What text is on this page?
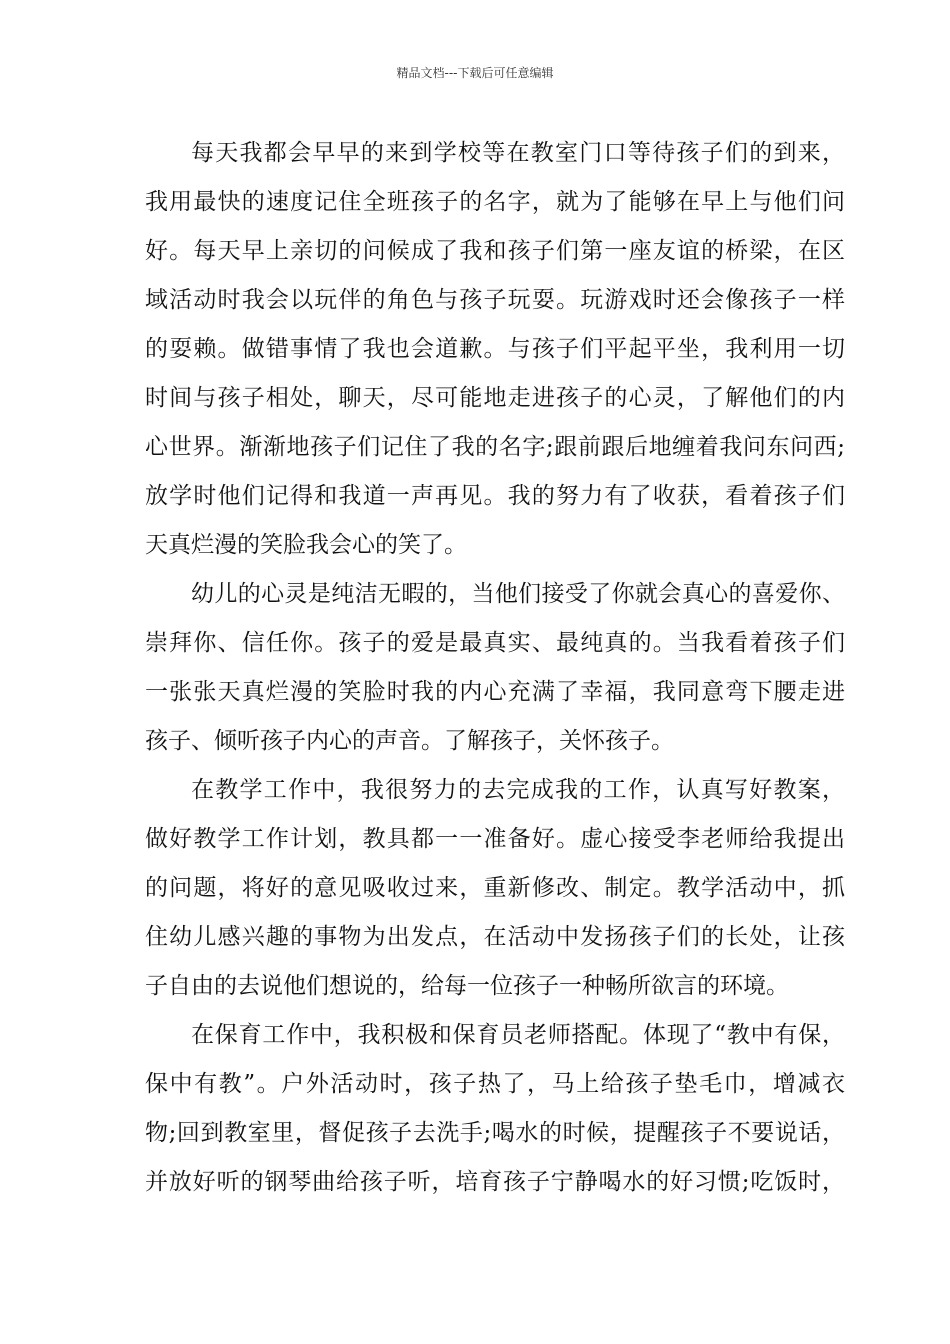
精品文档---下载后可任意编辑
每天我都会早早的来到学校等在教室门口等待孩子们的到来，
我用最快的速度记住全班孩子的名字，就为了能够在早上与他们问
好。每天早上亲切的问候成了我和孩子们第一座友谊的桥梁，在区
域活动时我会以玩伴的角色与孩子玩耍。玩游戏时还会像孩子一样
的耍赖。做错事情了我也会道歉。与孩子们平起平坐，我利用一切
时间与孩子相处，聊天，尽可能地走进孩子的心灵，了解他们的内
心世界。渐渐地孩子们记住了我的名字;跟前跟后地缠着我问东问西;
放学时他们记得和我道一声再见。我的努力有了收获，看着孩子们
天真烂漫的笑脸我会心的笑了。
幼儿的心灵是纯洁无暇的，当他们接受了你就会真心的喜爱你、
崇拜你、信任你。孩子的爱是最真实、最纯真的。当我看着孩子们
一张张天真烂漫的笑脸时我的内心充满了幸福，我同意弯下腰走进
孩子、倾听孩子内心的声音。了解孩子，关怀孩子。
在教学工作中，我很努力的去完成我的工作，认真写好教案，
做好教学工作计划，教具都一一准备好。虚心接受李老师给我提出
的问题，将好的意见吸收过来，重新修改、制定。教学活动中，抓
住幼儿感兴趣的事物为出发点，在活动中发扬孩子们的长处，让孩
子自由的去说他们想说的，给每一位孩子一种畅所欲言的环境。
在保育工作中，我积极和保育员老师搭配。体现了“教中有保，
保中有教”。户外活动时，孩子热了，马上给孩子垫毛巾，增减衣
物;回到教室里，督促孩子去洗手;喝水的时候，提醒孩子不要说话，
并放好听的钢琴曲给孩子听，培育孩子宁静喝水的好习惯;吃饭时，
